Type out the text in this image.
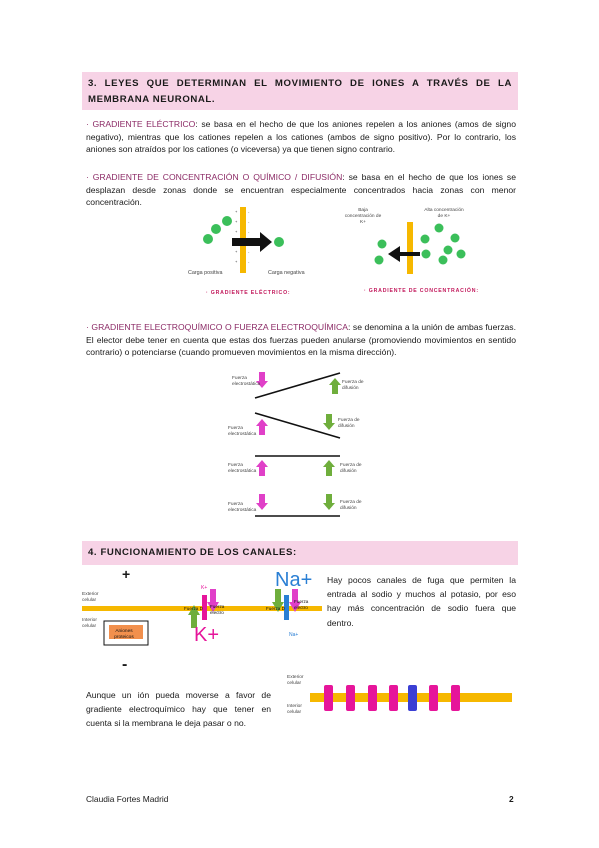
3. LEYES QUE DETERMINAN EL MOVIMIENTO DE IONES A TRAVÉS DE LA
MEMBRANA NEURONAL.
· GRADIENTE ELÉCTRICO: se basa en el hecho de que los aniones repelen a los aniones (amos de signo negativo), mientras que los cationes repelen a los cationes (ambos de signo positivo). Por lo contrario, los aniones son atraídos por los cationes (o viceversa) ya que tienen signo contrario.
· GRADIENTE DE CONCENTRACIÓN O QUÍMICO / DIFUSIÓN: se basa en el hecho de que los iones se desplazan desde zonas donde se encuentran especialmente concentrados hacia zonas con menor concentración.
+
+
+
+
+
-
-
-
-
-
Carga positiva	Carga negativa
· GRADIENTE ELÉCTRICO:
Baja concentración de K+
Alta concentración de K+
· GRADIENTE DE CONCENTRACIÓN:
· GRADIENTE ELECTROQUÍMICO O FUERZA ELECTROQUÍMICA: se denomina a la unión de ambas fuerzas. El elector debe tener en cuenta que estas dos fuerzas pueden anularse (promoviendo movimientos en sentido contrario) o potenciarse (cuando promueven movimientos en la misma dirección).
Fuerza electrostática	Fuerza de difusión
Fuerza electrostática
Fuerza de difusión
Fuerza electrostática
Fuerza de difusión
Fuerza electrostática
Fuerza de difusión
4. FUNCIONAMIENTO DE LOS CANALES:
+
-
Exterior celular
Interior celular
Aniones proteicos
K+
K+
Na+
Na+
Fuerza D Fuerza electro
Fuerza D
Fuerza electro
Hay pocos canales de fuga que permiten la entrada al sodio y muchos al potasio, por eso hay más concentración de sodio fuera que dentro.
Aunque un ión pueda moverse a favor de gradiente electroquímico hay que tener en cuenta si la membrana le deja pasar o no.
Exterior celular
Interior celular
Claudia Fortes Madrid	2
